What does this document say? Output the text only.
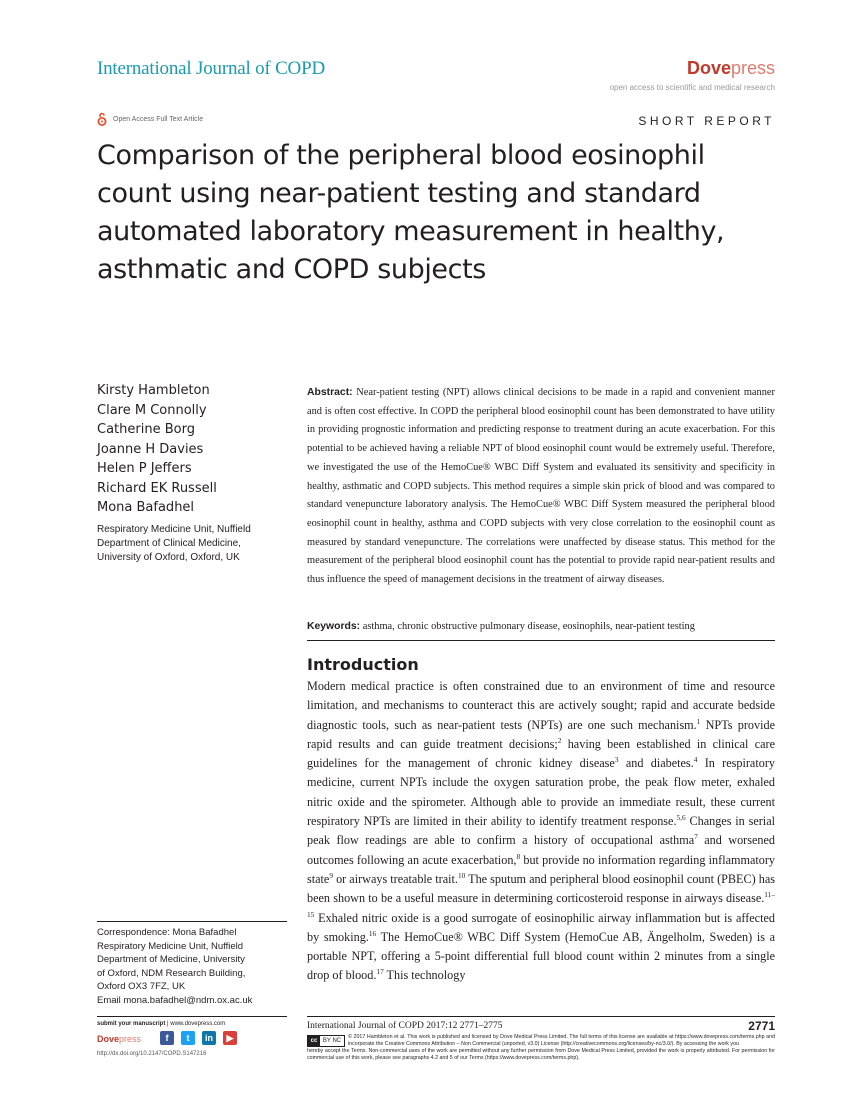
International Journal of COPD	Dovepress
open access to scientific and medical research
Open Access Full Text Article	SHORT REPORT
Comparison of the peripheral blood eosinophil count using near-patient testing and standard automated laboratory measurement in healthy, asthmatic and COPD subjects
Kirsty Hambleton
Clare M Connolly
Catherine Borg
Joanne H Davies
Helen P Jeffers
Richard EK Russell
Mona Bafadhel
Respiratory Medicine Unit, Nuffield Department of Clinical Medicine, University of Oxford, Oxford, UK
Abstract: Near-patient testing (NPT) allows clinical decisions to be made in a rapid and convenient manner and is often cost effective. In COPD the peripheral blood eosinophil count has been demonstrated to have utility in providing prognostic information and predicting response to treatment during an acute exacerbation. For this potential to be achieved having a reliable NPT of blood eosinophil count would be extremely useful. Therefore, we investigated the use of the HemoCue® WBC Diff System and evaluated its sensitivity and specificity in healthy, asthmatic and COPD subjects. This method requires a simple skin prick of blood and was compared to standard venepuncture laboratory analysis. The HemoCue® WBC Diff System measured the peripheral blood eosinophil count in healthy, asthma and COPD subjects with very close correlation to the eosinophil count as measured by standard venepuncture. The correlations were unaffected by disease status. This method for the measurement of the peripheral blood eosinophil count has the potential to provide rapid near-patient results and thus influence the speed of management decisions in the treatment of airway diseases.
Keywords: asthma, chronic obstructive pulmonary disease, eosinophils, near-patient testing
Introduction
Modern medical practice is often constrained due to an environment of time and resource limitation, and mechanisms to counteract this are actively sought; rapid and accurate bedside diagnostic tools, such as near-patient tests (NPTs) are one such mechanism.$^1$ NPTs provide rapid results and can guide treatment decisions;$^2$ having been established in clinical care guidelines for the management of chronic kidney disease$^3$ and diabetes.$^4$ In respiratory medicine, current NPTs include the oxygen saturation probe, the peak flow meter, exhaled nitric oxide and the spirometer. Although able to provide an immediate result, these current respiratory NPTs are limited in their ability to identify treatment response.$^{5,6}$ Changes in serial peak flow readings are able to confirm a history of occupational asthma$^7$ and worsened outcomes following an acute exacerbation,$^8$ but provide no information regarding inflammatory state$^9$ or airways treatable trait.$^{10}$ The sputum and peripheral blood eosinophil count (PBEC) has been shown to be a useful measure in determining corticosteroid response in airways disease.$^{11-15}$ Exhaled nitric oxide is a good surrogate of eosinophilic airway inflammation but is affected by smoking.$^{16}$ The HemoCue® WBC Diff System (HemoCue AB, Ängelholm, Sweden) is a portable NPT, offering a 5-point differential full blood count within 2 minutes from a single drop of blood.$^{17}$ This technology
Correspondence: Mona Bafadhel
Respiratory Medicine Unit, Nuffield
Department of Medicine, University
of Oxford, NDM Research Building,
Oxford OX3 7FZ, UK
Email mona.bafadhel@ndm.ox.ac.uk
submit your manuscript | www.dovepress.com
Dovepress	f	t	in	▶
http://dx.doi.org/10.2147/COPD.S147216
International Journal of COPD 2017:12 2771–2775	2771
cc BY NC
© 2017 Hambleton et al. This work is published and licensed by Dove Medical Press Limited. The full terms of this license are available at https://www.dovepress.com/terms.php and incorporate the Creative Commons Attribution – Non Commercial (unported, v3.0) License (http://creativecommons.org/licenses/by-nc/3.0/). By accessing the work you
hereby accept the Terms. Non-commercial uses of the work are permitted without any further permission from Dove Medical Press Limited, provided the work is properly attributed. For permission for commercial use of this work, please see paragraphs 4.2 and 5 of our Terms (https://www.dovepress.com/terms.php).
